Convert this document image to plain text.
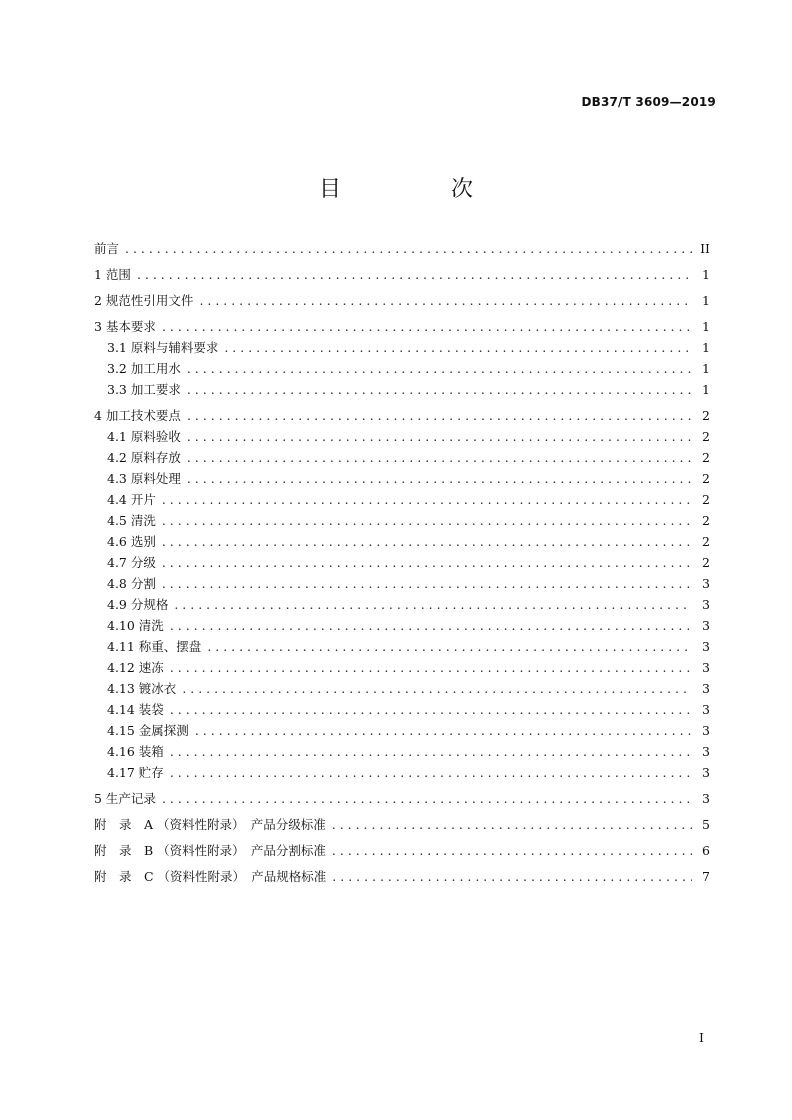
DB37/T 3609—2019
目　次
前言 . . .	II
1 范围 . . .	1
2 规范性引用文件 . . .	1
3 基本要求 . . .	1
3.1 原料与辅料要求 . . .	1
3.2 加工用水 . . .	1
3.3 加工要求 . . .	1
4 加工技术要点 . . .	2
4.1 原料验收 . . .	2
4.2 原料存放 . . .	2
4.3 原料处理 . . .	2
4.4 开片 . . .	2
4.5 清洗 . . .	2
4.6 选别 . . .	2
4.7 分级 . . .	2
4.8 分割 . . .	3
4.9 分规格 . . .	3
4.10 清洗 . . .	3
4.11 称重、摆盘 . . .	3
4.12 速冻 . . .	3
4.13 镀冰衣 . . .	3
4.14 装袋 . . .	3
4.15 金属探测 . . .	3
4.16 装箱 . . .	3
4.17 贮存 . . .	3
5 生产记录 . . .	3
附　录　A （资料性附录）　产品分级标准 . . .	5
附　录　B （资料性附录）　产品分割标准 . . .	6
附　录　C （资料性附录）　产品规格标准 . . .	7
I
